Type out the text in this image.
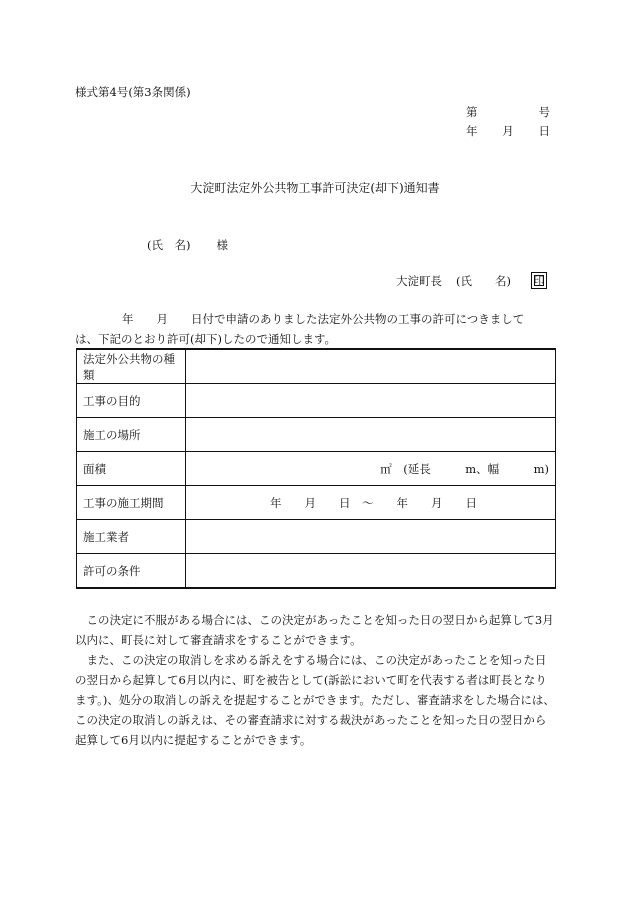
様式第4号(第3条関係)
第	号
年 月 日
大淀町法定外公共物工事許可決定(却下)通知書
(氏　名) 様
大淀町長 (氏　　名) 印

年　　月　　日付で申請のありました法定外公共物の工事の許可につきまして

は、下記のとおり許可(却下)したので通知します。

法定外公共物の種類	
工事の目的	
施工の場所	
面積	㎡　(延長　　　m、幅　　　m)
工事の施工期間	年　　月　　日　〜　　年　　月　　日
施工業者	
許可の条件	

この決定に不服がある場合には、この決定があったことを知った日の翌日から起算して3月以内に、町長に対して審査請求をすることができます。

また、この決定の取消しを求める訴えをする場合には、この決定があったことを知った日の翌日から起算して6月以内に、町を被告として(訴訟において町を代表する者は町長となります。)、処分の取消しの訴えを提起することができます。ただし、審査請求をした場合には、この決定の取消しの訴えは、その審査請求に対する裁決があったことを知った日の翌日から起算して6月以内に提起することができます。
